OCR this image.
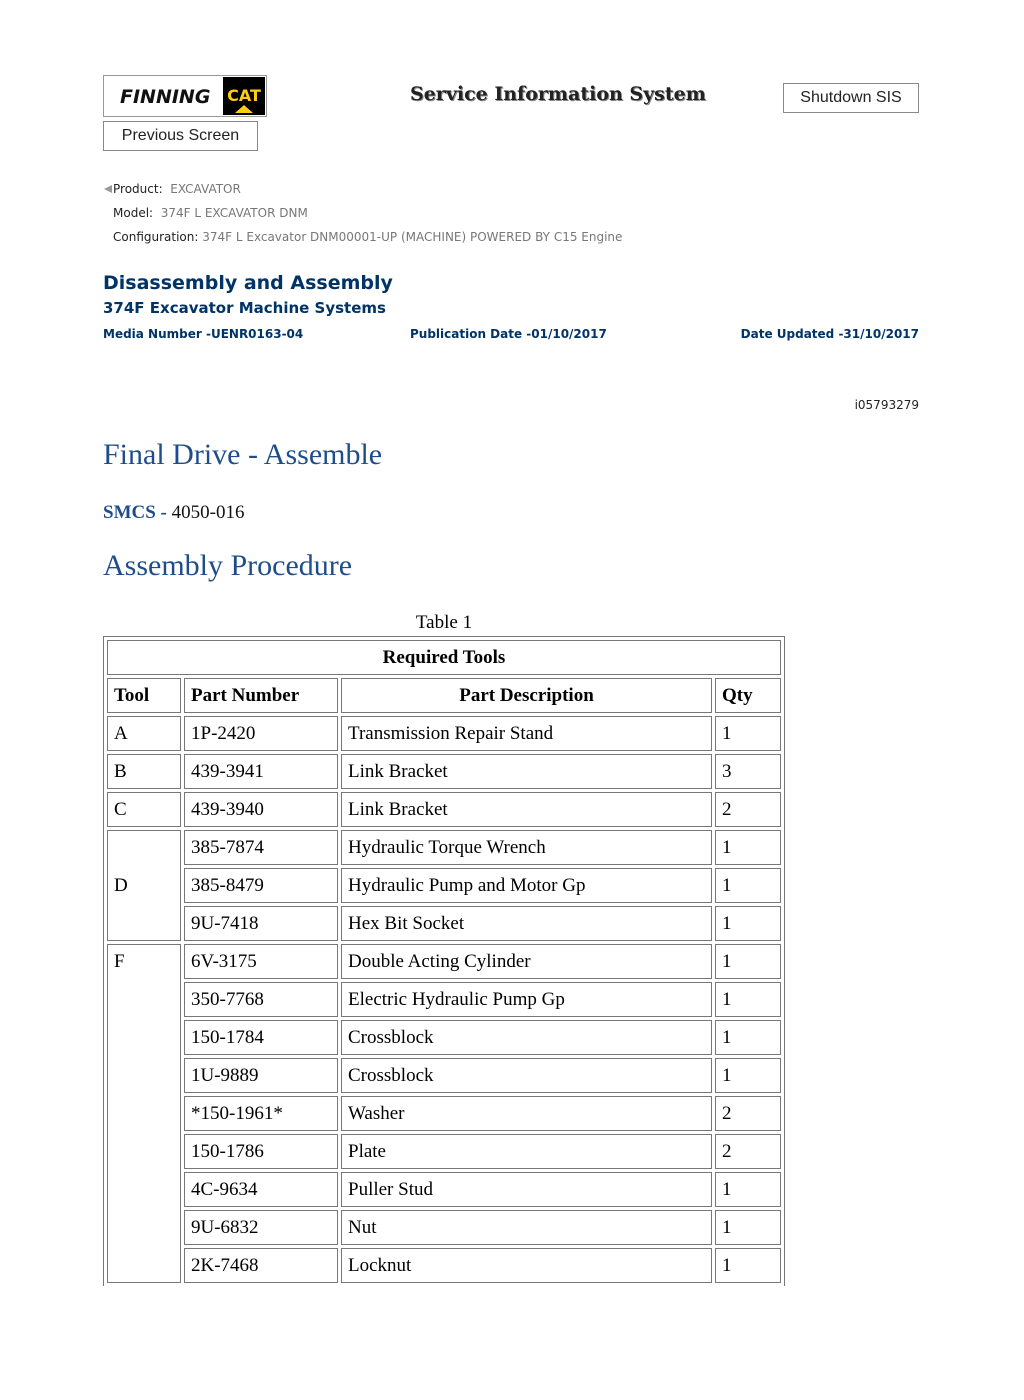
FINNING CAT	Service Information System	Shutdown SIS
Previous Screen
Product: EXCAVATOR
Model: 374F L EXCAVATOR DNM
Configuration: 374F L Excavator DNM00001-UP (MACHINE) POWERED BY C15 Engine
Disassembly and Assembly
374F Excavator Machine Systems
Media Number -UENR0163-04	Publication Date -01/10/2017	Date Updated -31/10/2017
i05793279
Final Drive - Assemble
SMCS - 4050-016
Assembly Procedure
Table 1
Required Tools			
Tool	Part Number	Part Description	Qty
A	1P-2420	Transmission Repair Stand	1
B	439-3941	Link Bracket	3
C	439-3940	Link Bracket	2
D	385-7874	Hydraulic Torque Wrench	1
	385-8479	Hydraulic Pump and Motor Gp	1
	9U-7418	Hex Bit Socket	1
F	6V-3175	Double Acting Cylinder	1
	350-7768	Electric Hydraulic Pump Gp	1
	150-1784	Crossblock	1
	1U-9889	Crossblock	1
	*150-1961*	Washer	2
	150-1786	Plate	2
	4C-9634	Puller Stud	1
	9U-6832	Nut	1
	2K-7468	Locknut	1
